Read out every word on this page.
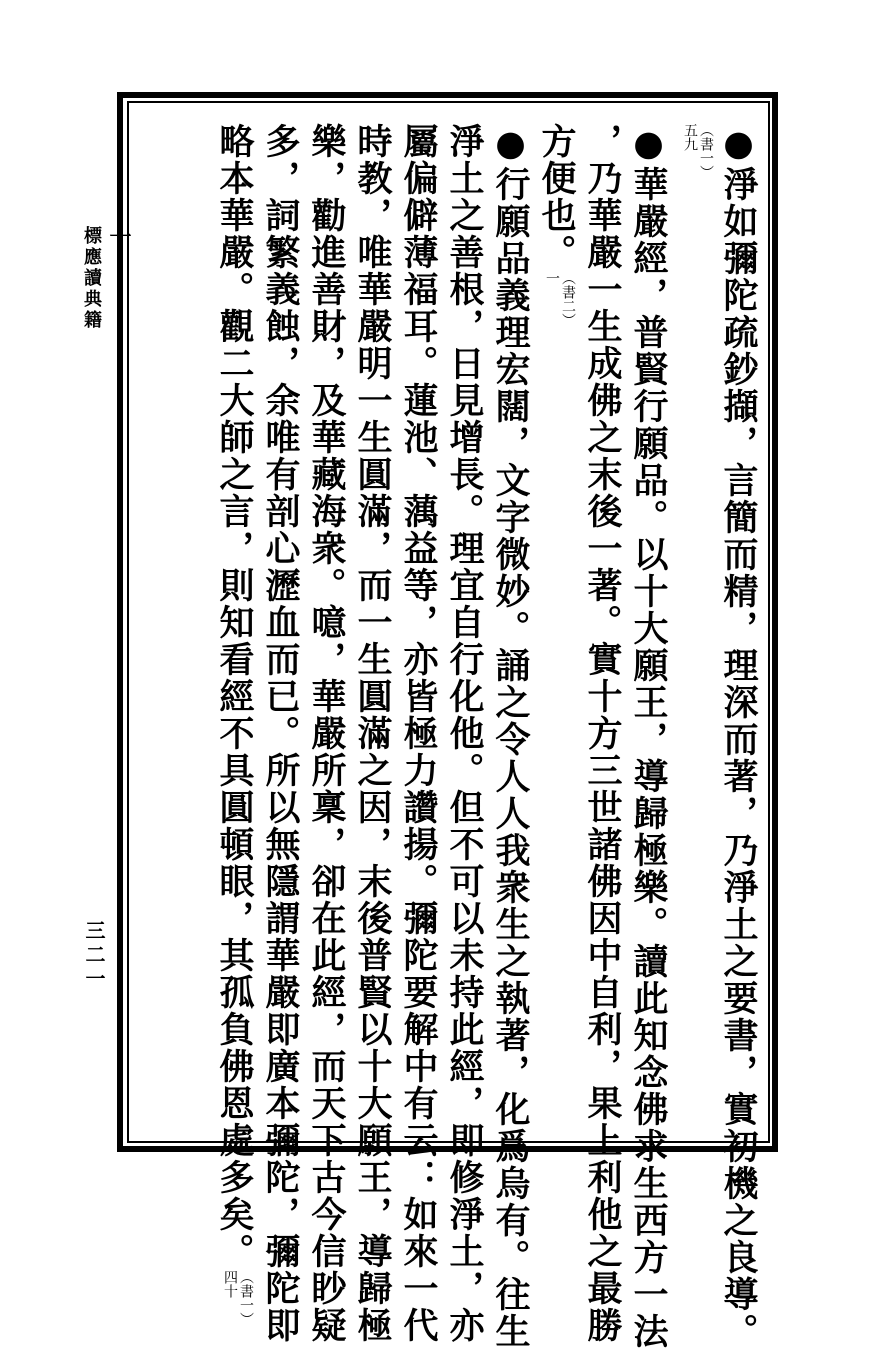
●淨如彌陀疏鈔擷，言簡而精，理深而著，乃淨土之要書，實初機之良導。
（書一）
五九
●華嚴經，普賢行願品。以十大願王，導歸極樂。讀此知念佛求生西方一法
，乃華嚴一生成佛之末後一著。實十方三世諸佛因中自利，果上利他之最勝
方便也。
（書二）
一
●行願品義理宏闊，文字微妙。誦之令人人我衆生之執著，化爲烏有。往生
淨土之善根，日見增長。理宜自行化他。但不可以未持此經，即修淨土，亦
屬偏僻薄福耳。蓮池、蕅益等，亦皆極力讚揚。彌陀要解中有云：如來一代
時教，唯華嚴明一生圓滿，而一生圓滿之因，末後普賢以十大願王，導歸極
樂，勸進善財，及華藏海衆。噫，華嚴所稟，卻在此經，而天下古今信眇疑
多，詞繁義蝕，余唯有剖心瀝血而已。所以無隱謂華嚴即廣本彌陀，彌陀即
略本華嚴。觀二大師之言，則知看經不具圓頓眼，其孤負佛恩處多矣。
（書一）
四十
十
標應讀典籍
三二一
